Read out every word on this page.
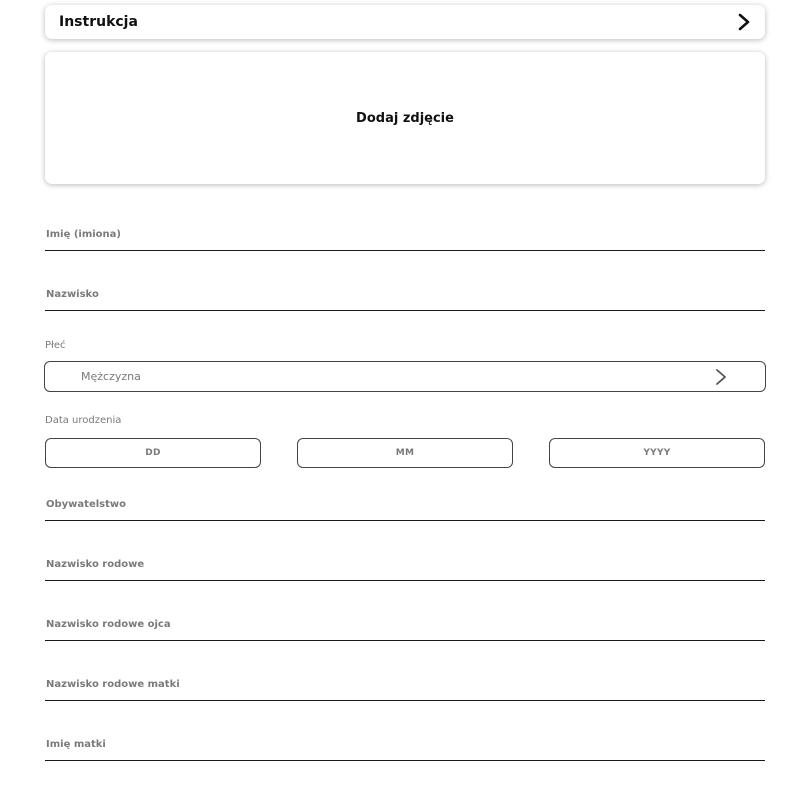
Instrukcja
Dodaj zdjęcie
Imię (imiona)
Nazwisko
Płeć
Mężczyzna
Data urodzenia
DD	MM	YYYY
Obywatelstwo
Nazwisko rodowe
Nazwisko rodowe ojca
Nazwisko rodowe matki
Imię matki
